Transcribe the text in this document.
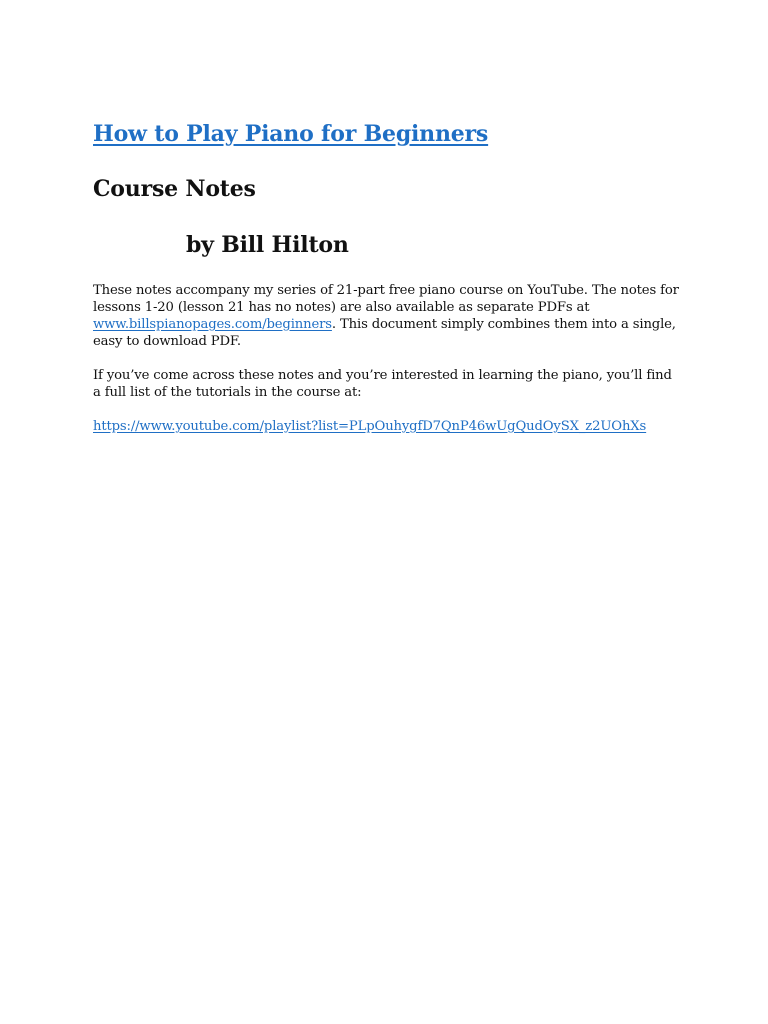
How to Play Piano for Beginners
Course Notes
by Bill Hilton

These notes accompany my series of 21-part free piano course on YouTube. The notes for lessons 1-20 (lesson 21 has no notes) are also available as separate PDFs at www.billspianopages.com/beginners. This document simply combines them into a single, easy to download PDF.

If you’ve come across these notes and you’re interested in learning the piano, you’ll find a full list of the tutorials in the course at:

https://www.youtube.com/playlist?list=PLpOuhygfD7QnP46wUgQudOySX_z2UOhXs
